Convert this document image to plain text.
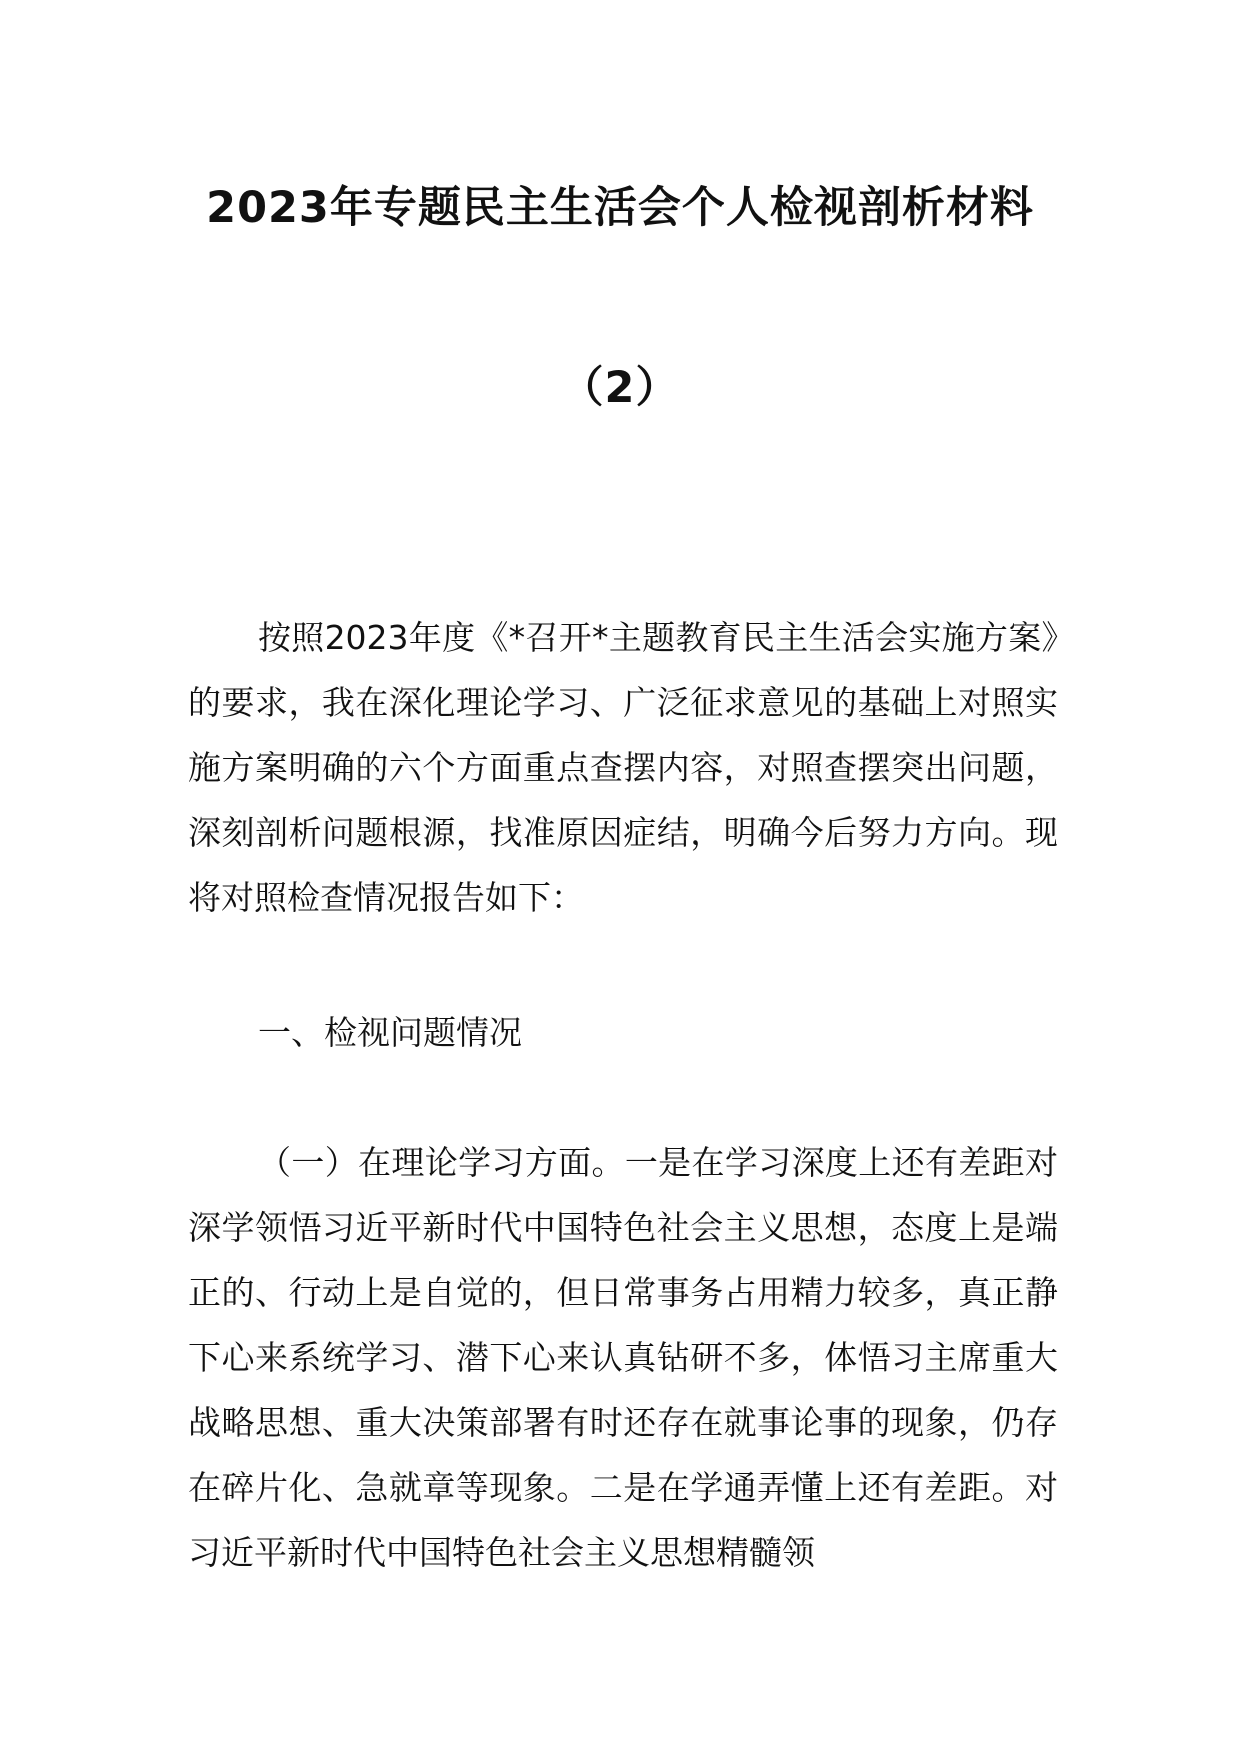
2023年专题民主生活会个人检视剖析材料
（2）
按照2023年度《*召开*主题教育民主生活会实施方案》的要求，我在深化理论学习、广泛征求意见的基础上对照实施方案明确的六个方面重点查摆内容，对照查摆突出问题，深刻剖析问题根源，找准原因症结，明确今后努力方向。现将对照检查情况报告如下：
一、检视问题情况
（一）在理论学习方面。一是在学习深度上还有差距对深学领悟习近平新时代中国特色社会主义思想，态度上是端正的、行动上是自觉的，但日常事务占用精力较多，真正静下心来系统学习、潜下心来认真钻研不多，体悟习主席重大战略思想、重大决策部署有时还存在就事论事的现象，仍存在碎片化、急就章等现象。二是在学通弄懂上还有差距。对习近平新时代中国特色社会主义思想精髓领
